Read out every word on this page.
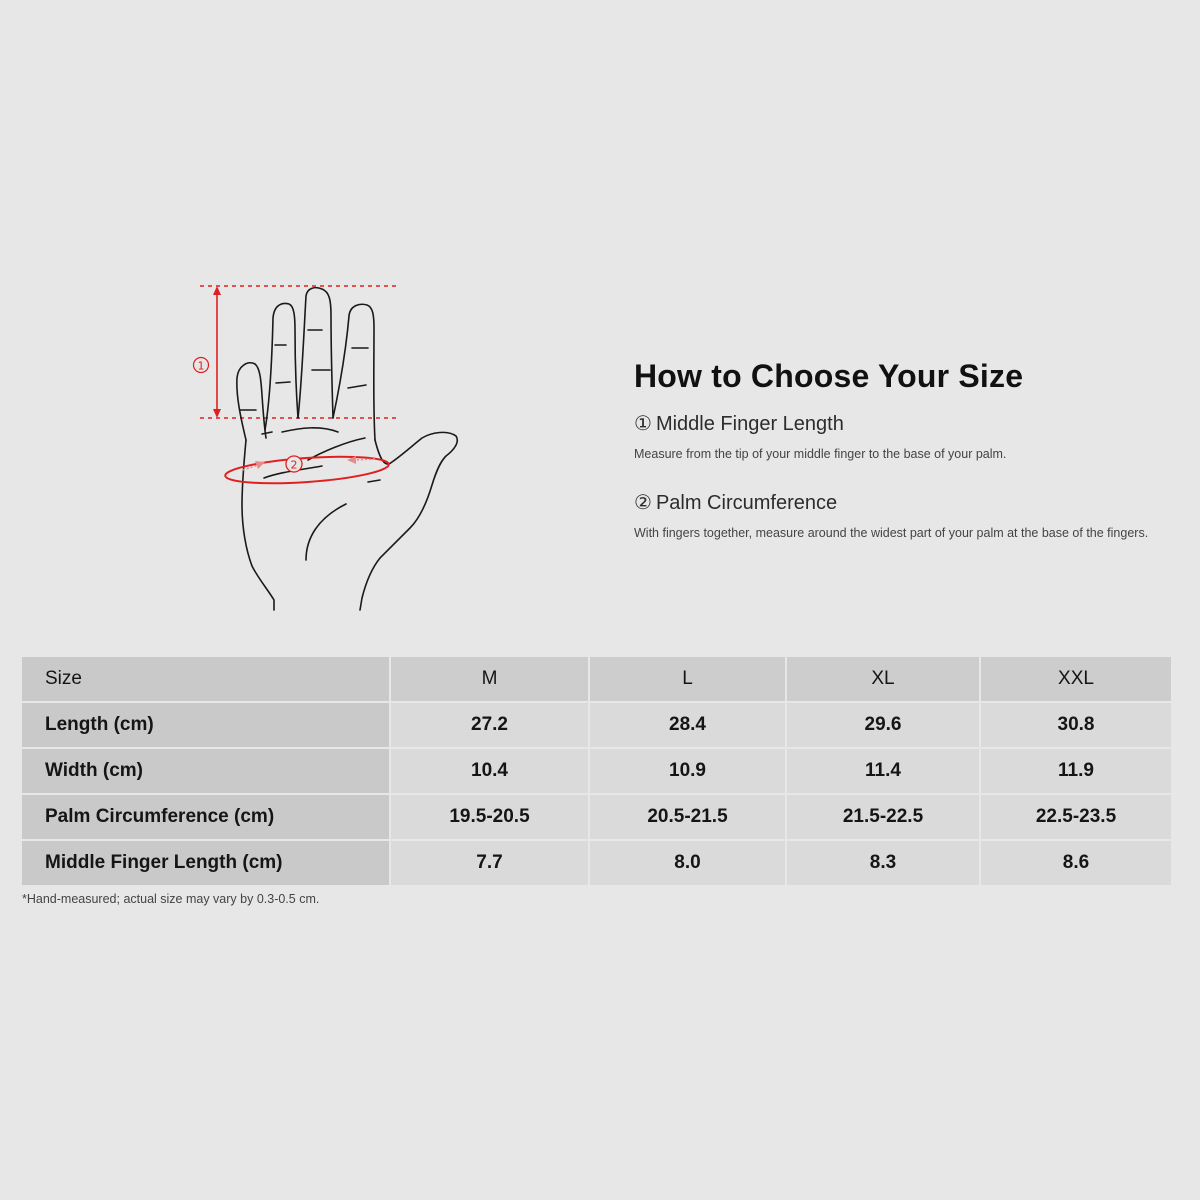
1
2
How to Choose Your Size

① Middle Finger Length

Measure from the tip of your middle finger to the base of your palm.

② Palm Circumference

With fingers together, measure around the widest part of your palm at the base of the fingers.

Size	M	L	XL	XXL
Length (cm)	27.2	28.4	29.6	30.8
Width (cm)	10.4	10.9	11.4	11.9
Palm Circumference (cm)	19.5-20.5	20.5-21.5	21.5-22.5	22.5-23.5
Middle Finger Length (cm)	7.7	8.0	8.3	8.6
*Hand-measured; actual size may vary by 0.3-0.5 cm.
